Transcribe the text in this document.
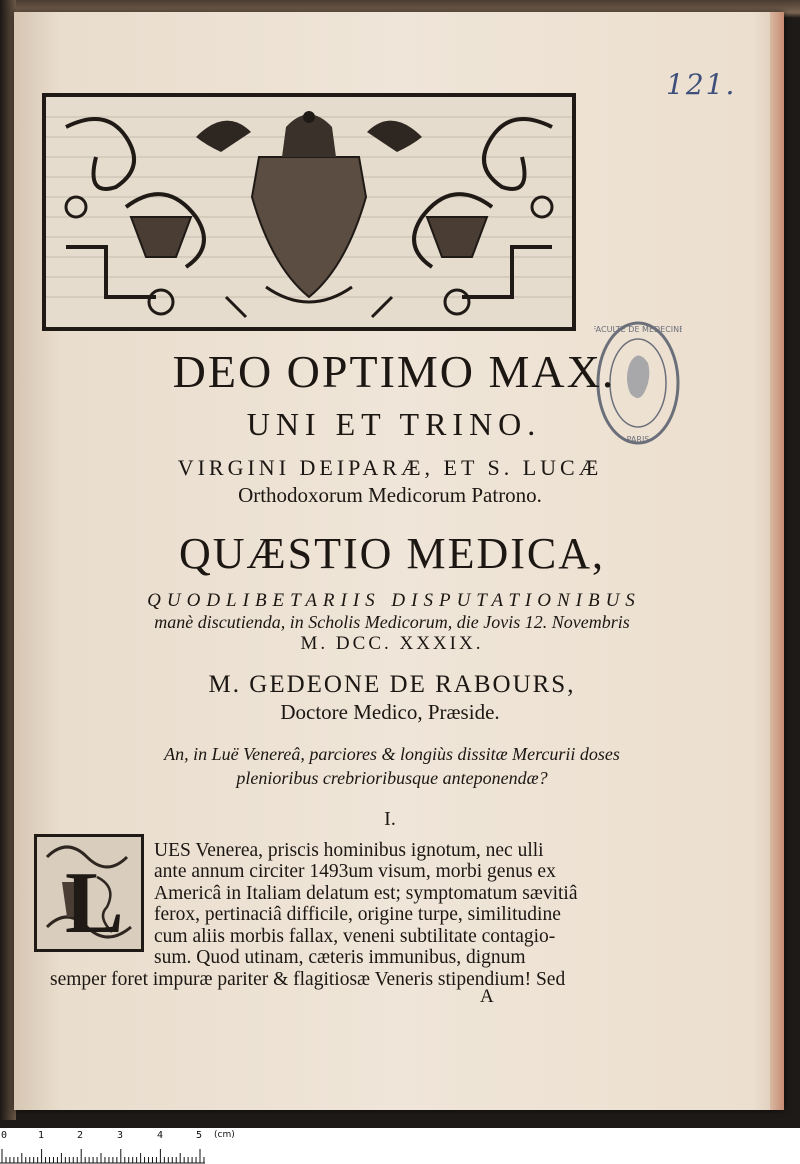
121.
FACULTE DE MEDECINE
PARIS
DEO OPTIMO MAX.
UNI ET TRINO.
VIRGINI DEIPARÆ, ET S. LUCÆ
Orthodoxorum Medicorum Patrono.
QUÆSTIO MEDICA,
QUODLIBETARIIS DISPUTATIONIBUS
manè discutienda, in Scholis Medicorum, die Jovis 12. Novembris
M. DCC. XXXIX.
M. GEDEONE DE RABOURS,
Doctore Medico, Præside.
An, in Luë Venereâ, parciores & longiùs dissitæ Mercurii doses
plenioribus crebrioribusque anteponendæ?
I.
L
UES Venerea, priscis hominibus ignotum, nec ulli
ante annum circiter 1493um visum, morbi genus ex
Americâ in Italiam delatum est; symptomatum sævitiâ
ferox, pertinaciâ difficile, origine turpe, similitudine
cum aliis morbis fallax, veneni subtilitate contagio-
sum. Quod utinam, cæteris immunibus, dignum
semper foret impuræ pariter & flagitiosæ Veneris stipendium! Sed
A
0	1	2	3	4	5 (cm)
